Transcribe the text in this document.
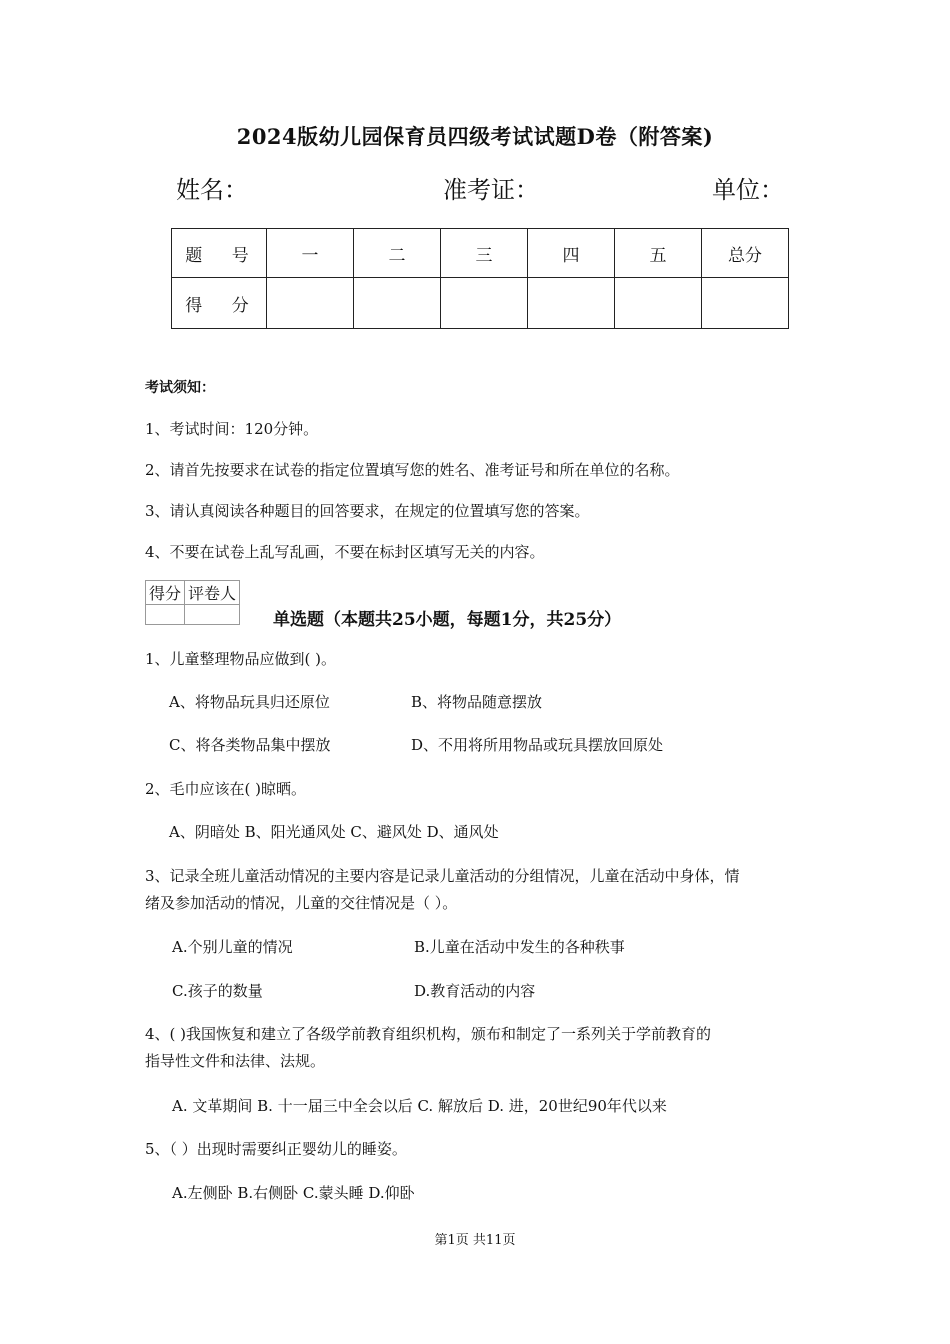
2024版幼儿园保育员四级考试试题D卷（附答案)
姓名：	准考证：	单位：
题 号	一	二	三	四	五	总分
得 分						
考试须知：
1、考试时间：120分钟。
2、请首先按要求在试卷的指定位置填写您的姓名、准考证号和所在单位的名称。
3、请认真阅读各种题目的回答要求，在规定的位置填写您的答案。
4、不要在试卷上乱写乱画，不要在标封区填写无关的内容。
得分	评卷人

单选题（本题共25小题，每题1分，共25分）
1、儿童整理物品应做到( )。
A、将物品玩具归还原位	B、将物品随意摆放
C、将各类物品集中摆放	D、不用将所用物品或玩具摆放回原处
2、毛巾应该在( )晾晒。
A、阴暗处 B、阳光通风处 C、避风处 D、通风处
3、记录全班儿童活动情况的主要内容是记录儿童活动的分组情况，儿童在活动中身体，情
绪及参加活动的情况，儿童的交往情况是（ ）。
A.个别儿童的情况	B.儿童在活动中发生的各种秩事
C.孩子的数量	D.教育活动的内容
4、( )我国恢复和建立了各级学前教育组织机构，颁布和制定了一系列关于学前教育的
指导性文件和法律、法规。
A. 文革期间 B. 十一届三中全会以后 C. 解放后 D. 进，20世纪90年代以来
5、（ ）出现时需要纠正婴幼儿的睡姿。
A.左侧卧 B.右侧卧 C.蒙头睡 D.仰卧
第1页 共11页
